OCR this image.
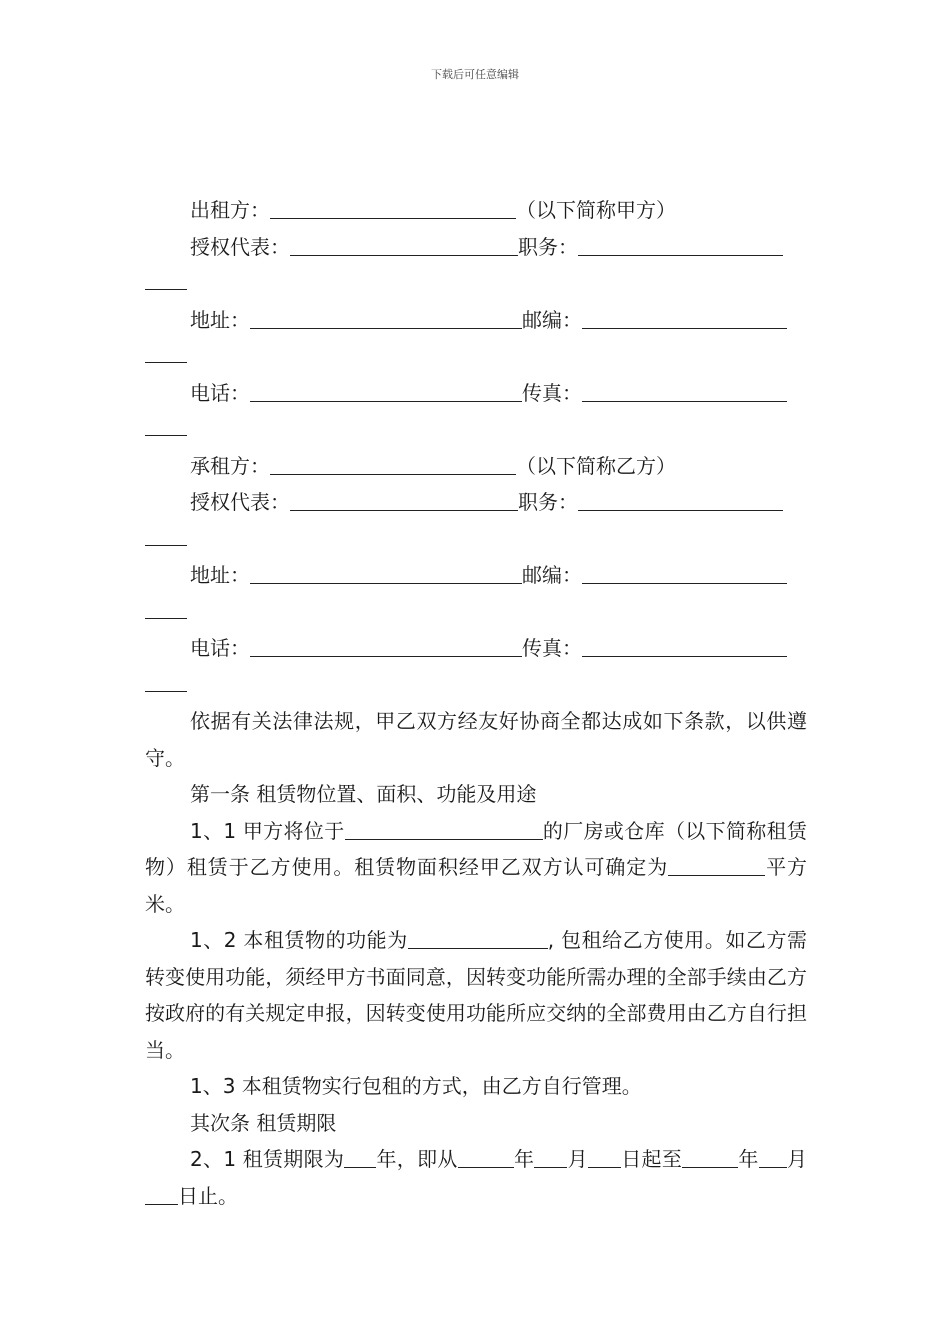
下载后可任意编辑
出租方：	（以下简称甲方）
授权代表：	职务：
地址：	邮编：
电话：	传真：
承租方：	（以下简称乙方）
授权代表：	职务：
地址：	邮编：
电话：	传真：
依据有关法律法规，甲乙双方经友好协商全都达成如下条款，以供遵守。
第一条 租赁物位置、面积、功能及用途
1、1 甲方将位于	的厂房或仓库（以下简称租赁物）租赁于乙方使用。租赁物面积经甲乙双方认可确定为	平方米。
1、2 本租赁物的功能为	, 包租给乙方使用。如乙方需转变使用功能，须经甲方书面同意，因转变功能所需办理的全部手续由乙方按政府的有关规定申报，因转变使用功能所应交纳的全部费用由乙方自行担当。
1、3 本租赁物实行包租的方式，由乙方自行管理。
其次条 租赁期限
2、1 租赁期限为 年，即从	年 月 日起至	年 月日止。
